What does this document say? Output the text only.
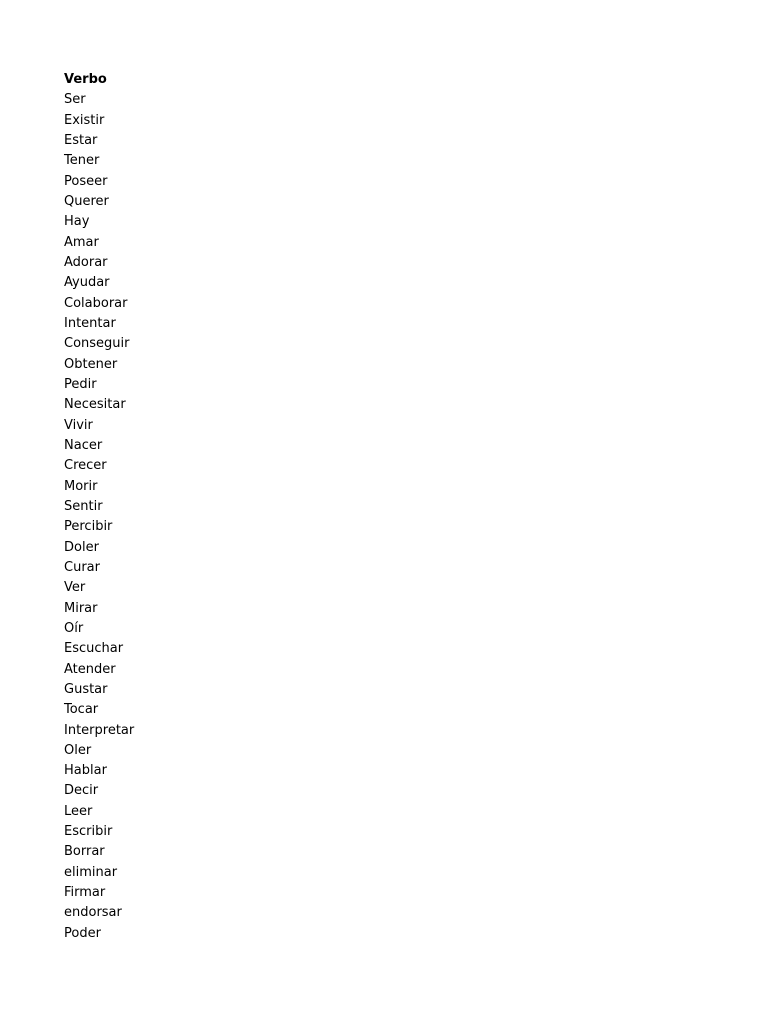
Verbo
Ser
Existir
Estar
Tener
Poseer
Querer
Hay
Amar
Adorar
Ayudar
Colaborar
Intentar
Conseguir
Obtener
Pedir
Necesitar
Vivir
Nacer
Crecer
Morir
Sentir
Percibir
Doler
Curar
Ver
Mirar
Oír
Escuchar
Atender
Gustar
Tocar
Interpretar
Oler
Hablar
Decir
Leer
Escribir
Borrar
eliminar
Firmar
endorsar
Poder
